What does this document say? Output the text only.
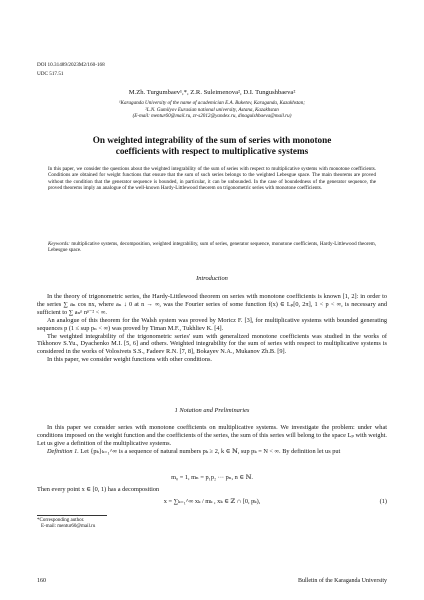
DOI 10.31489/2023M2/160-168
UDC 517.51
M.Zh. Turgumbaev¹,*, Z.R. Suleimenova², D.I. Tungushbaeva²
¹Karaganda University of the name of academician E.A. Buketov, Karaganda, Kazakhstan;
²L.N. Gumilyov Eurasian national university, Astana, Kazakhstan
(E-mail: mentur60@mail.ru, zr-s2012@yandex.ru, dinagulshbaeva@mail.ru)
On weighted integrability of the sum of series with monotone
coefficients with respect to multiplicative systems
In this paper, we consider the questions about the weighted integrability of the sum of series with respect to multiplicative systems with monotone coefficients. Conditions are obtained for weight functions that ensure that the sum of such series belongs to the weighted Lebesgue space. The main theorems are proved without the condition that the generator sequence is bounded, in particular, it can be unbounded. In the case of boundedness of the generator sequence, the proved theorems imply an analogue of the well-known Hardy-Littlewood theorem on trigonometric series with monotone coefficients.
Keywords: multiplicative systems, decomposition, weighted integrability, sum of series, generator sequence, monotone coefficients, Hardy-Littlewood theorem, Lebesgue space.
Introduction

In the theory of trigonometric series, the Hardy-Littlewood theorem on series with monotone coefficients is known [1, 2]: in order to the series ∑ aₙ cos nx, where aₙ ↓ 0 at n → ∞, was the Fourier series of some function f(x) ∈ Lₚ[0, 2π], 1 < p < ∞, is necessary and sufficient to ∑ aₙᵖ nᵖ⁻² < ∞.

An analogue of this theorem for the Walsh system was proved by Moricz F. [3], for multiplicative systems with bounded generating sequences p (1 ≤ sup pₙ < ∞) was proved by Timan M.F., Tukhliev K. [4].

The weighted integrability of the trigonometric series' sum with generalized monotone coefficients was studied in the works of Tikhonov S.Yu., Dyachenko M.I. [5, 6] and others. Weighted integrability for the sum of series with respect to multiplicative systems is considered in the works of Volosivets S.S., Fadeev R.N. [7, 8], Bokayev N.A., Mukanov Zh.B. [9].

In this paper, we consider weight functions with other conditions.

1 Notation and Preliminaries

In this paper we consider series with monotone coefficients on multiplicative systems. We investigate the problem: under what conditions imposed on the weight function and the coefficients of the series, the sum of this series will belong to the space Lₚ with weight. Let us give a definition of the multiplicative systems.

Definition 1. Let {pₖ}ₖ₌₁^∞ is a sequence of natural numbers pₖ ≥ 2, k ∈ ℕ, sup pₖ = N < ∞. By definition let us put

m₀ = 1, mₙ = p₁p₂ ··· pₙ, n ∈ ℕ.

Then every point x ∈ [0, 1) has a decomposition

x = ∑ₖ₌₁^∞ xₖ / mₖ , xₖ ∈ ℤ ∩ [0, pₖ),	(1)
*Corresponding author.
E-mail: mentur60@mail.ru
160	Bulletin of the Karaganda University
